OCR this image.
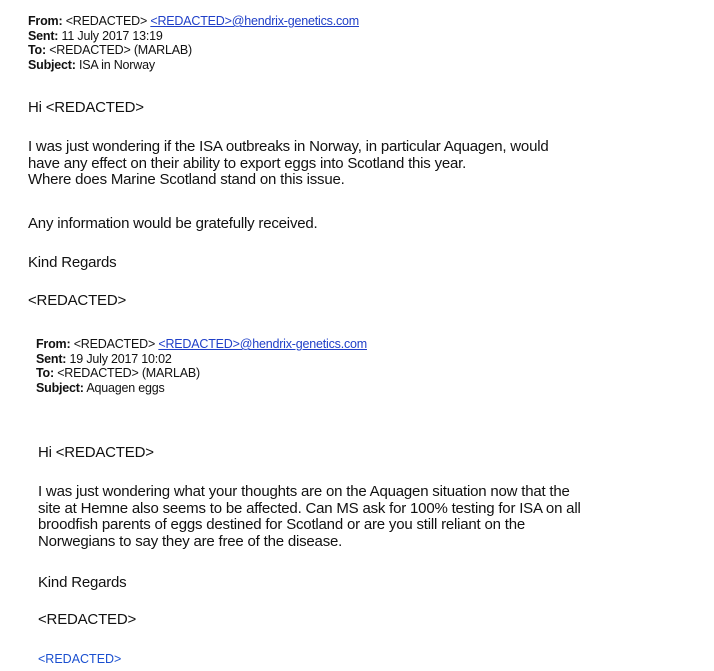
From: <REDACTED> <REDACTED>@hendrix-genetics.com
Sent: 11 July 2017 13:19
To: <REDACTED> (MARLAB)
Subject: ISA in Norway
Hi <REDACTED>

I was just wondering if the ISA outbreaks in Norway, in particular Aquagen, would

have any effect on their ability to export eggs into Scotland this year.

Where does Marine Scotland stand on this issue.

Any information would be gratefully received.
Kind Regards
<REDACTED>
From: <REDACTED> <REDACTED>@hendrix-genetics.com
Sent: 19 July 2017 10:02
To: <REDACTED> (MARLAB)
Subject: Aquagen eggs
Hi <REDACTED>

I was just wondering what your thoughts are on the Aquagen situation now that the

site at Hemne also seems to be affected. Can MS ask for 100% testing for ISA on all

broodfish parents of eggs destined for Scotland or are you still reliant on the

Norwegians to say they are free of the disease.

Kind Regards
<REDACTED>
<REDACTED>
